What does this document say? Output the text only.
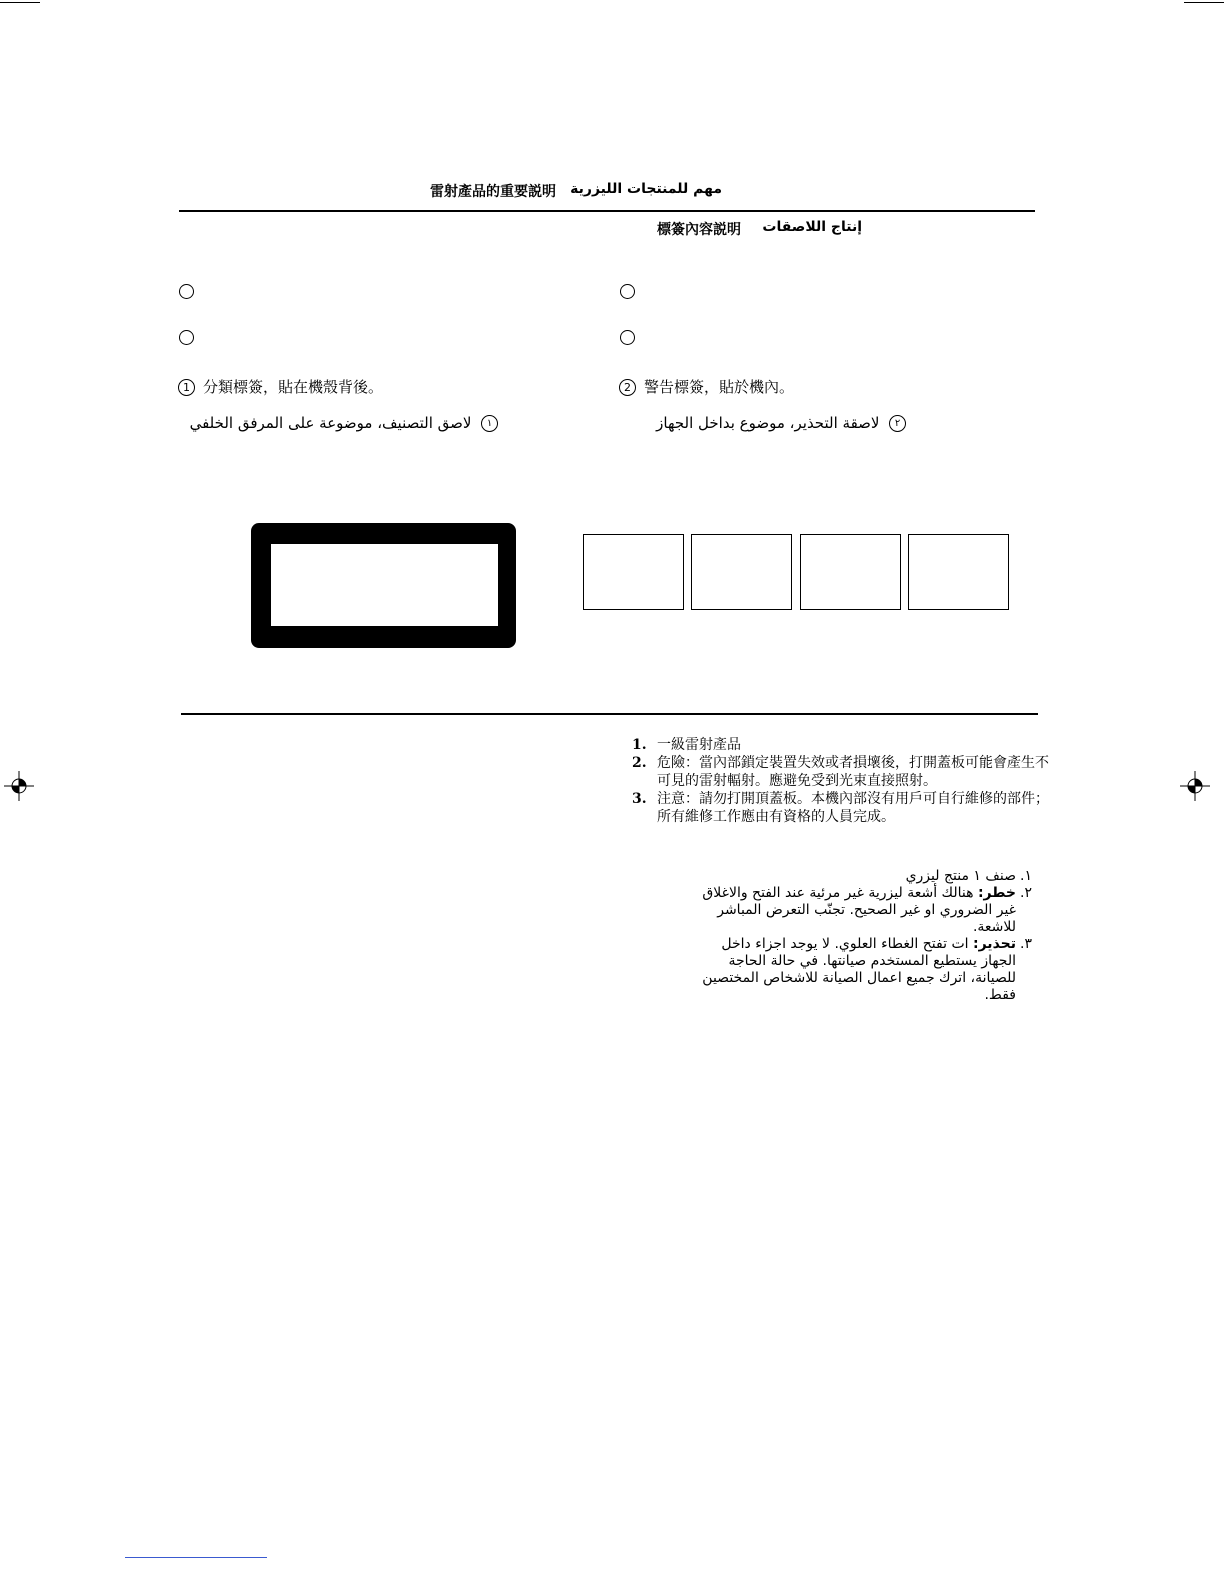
雷射產品的重要説明 مهم للمنتجات الليزرية
標簽內容説明 إنتاج اللاصقات
1 分類標簽，貼在機殼背後。	2 警告標簽，貼於機內。
١  لاصق التصنيف، موضوعة على المرفق الخلفي	٢  لاصقة التحذير، موضوع بداخل الجهاز
1. 一級雷射產品
2. 危險：當內部鎖定裝置失效或者損壞後，打開蓋板可能會產生不可見的雷射輻射。應避免受到光束直接照射。
3. 注意：請勿打開頂蓋板。本機內部沒有用戶可自行維修的部件；所有維修工作應由有資格的人員完成。
١.
صنف ١ منتج ليزري
٢.
خطر: هنالك أشعة ليزرية غير مرئية عند الفتح والاغلاق غير الضروري او غير الصحيح. تجنّب التعرض المباشر للاشعة.
٣.
تحذير: ات تفتح الغطاء العلوي. لا يوجد اجزاء داخل الجهاز يستطيع المستخدم صيانتها. في حالة الحاجة للصيانة، اترك جميع اعمال الصيانة للاشخاص المختصين فقط.
